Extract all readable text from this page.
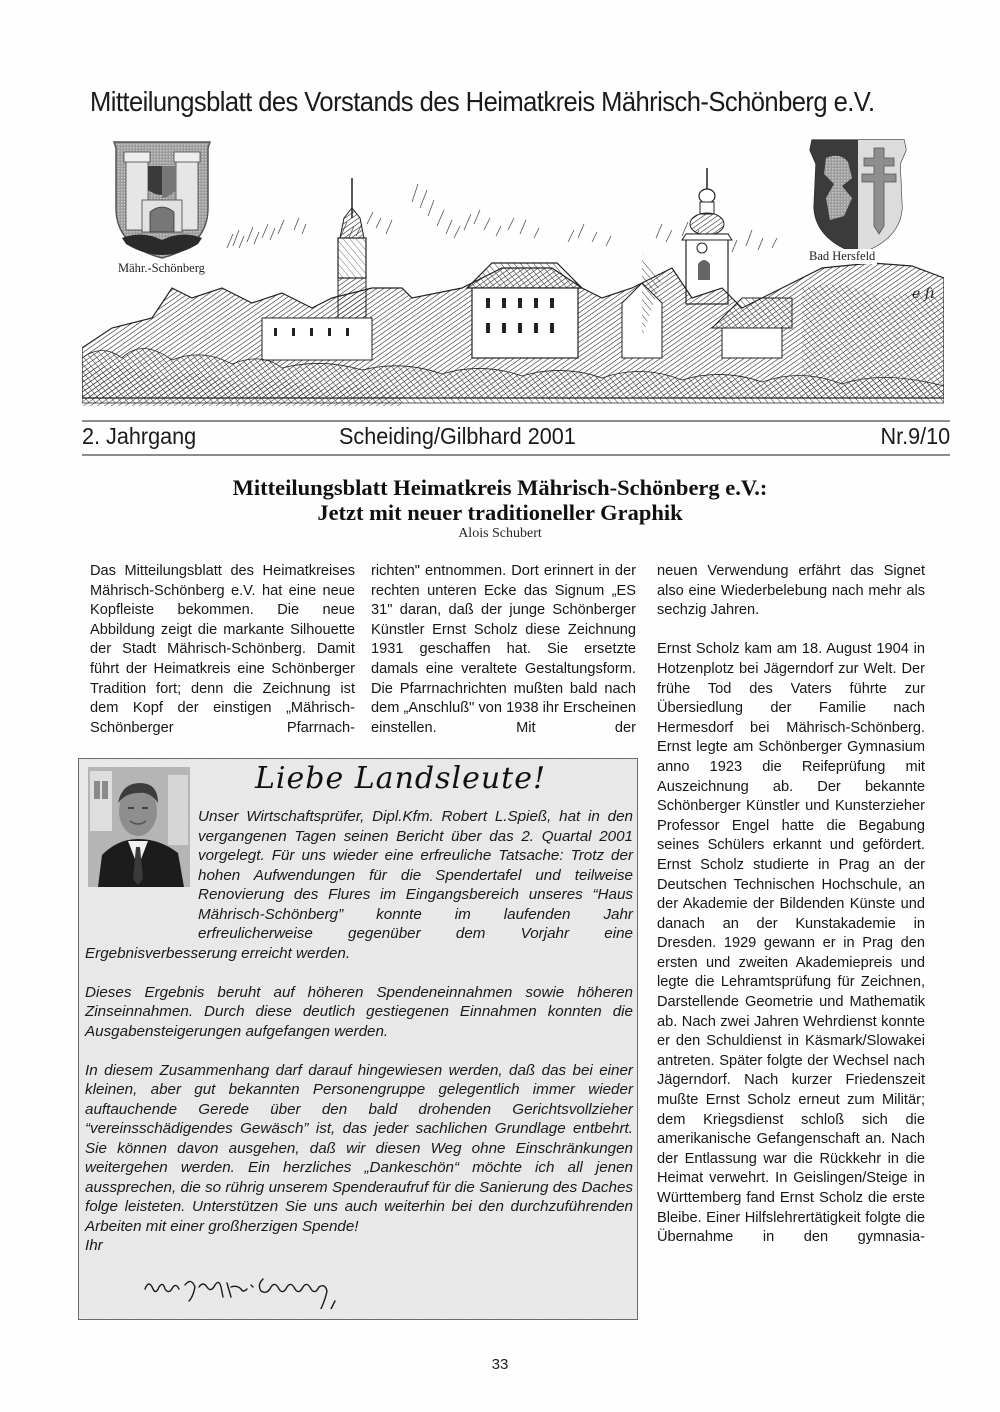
Mitteilungsblatt des Vorstands des Heimatkreis Mährisch-Schönberg e.V.
e ſı
Mähr.-Schönberg
Bad Hersfeld
2. Jahrgang	Scheiding/Gilbhard 2001	Nr.9/10
Mitteilungsblatt Heimatkreis Mährisch-Schönberg e.V.:
Jetzt mit neuer traditioneller Graphik
Alois Schubert

Das Mitteilungsblatt des Heimatkreises Mährisch-Schönberg e.V. hat eine neue Kopfleiste bekommen. Die neue Abbildung zeigt die markante Silhouette der Stadt Mährisch-Schönberg. Damit führt der Heimatkreis eine Schönberger Tradition fort; denn die Zeichnung ist dem Kopf der einstigen „Mährisch-Schönberger Pfarrnach-

richten" entnommen. Dort erinnert in der rechten unteren Ecke das Signum „ES 31" daran, daß der junge Schönberger Künstler Ernst Scholz diese Zeichnung 1931 geschaffen hat. Sie ersetzte damals eine veraltete Gestaltungsform. Die Pfarrnachrichten mußten bald nach dem „Anschluß" von 1938 ihr Erscheinen einstellen. Mit der

neuen Verwendung erfährt das Signet also eine Wiederbelebung nach mehr als sechzig Jahren.

Ernst Scholz kam am 18. August 1904 in Hotzenplotz bei Jägerndorf zur Welt. Der frühe Tod des Vaters führte zur Übersiedlung der Familie nach Hermesdorf bei Mährisch-Schönberg. Ernst legte am Schönberger Gymnasium anno 1923 die Reifeprüfung mit Auszeichnung ab. Der bekannte Schönberger Künstler und Kunsterzieher Professor Engel hatte die Begabung seines Schülers erkannt und gefördert. Ernst Scholz studierte in Prag an der Deutschen Technischen Hochschule, an der Akademie der Bildenden Künste und danach an der Kunstakademie in Dresden. 1929 gewann er in Prag den ersten und zweiten Akademiepreis und legte die Lehramtsprüfung für Zeichnen, Darstellende Geometrie und Mathematik ab. Nach zwei Jahren Wehrdienst konnte er den Schuldienst in Käsmark/Slowakei antreten. Später folgte der Wechsel nach Jägerndorf. Nach kurzer Friedenszeit mußte Ernst Scholz erneut zum Militär; dem Kriegsdienst schloß sich die amerikanische Gefangenschaft an. Nach der Entlassung war die Rückkehr in die Heimat verwehrt. In Geislingen/Steige in Württemberg fand Ernst Scholz die erste Bleibe. Einer Hilfslehrertätigkeit folgte die Übernahme in den gymnasia-

Liebe Landsleute!

Unser Wirtschaftsprüfer, Dipl.Kfm. Robert L.Spieß, hat in den vergangenen Tagen seinen Bericht über das 2. Quartal 2001 vorgelegt. Für uns wieder eine erfreuliche Tatsache: Trotz der hohen Aufwendungen für die Spendertafel und teilweise Renovierung des Flures im Eingangsbereich unseres “Haus Mährisch-Schönberg” konnte im laufenden Jahr erfreulicherweise gegenüber dem Vorjahr eine Ergebnisverbesserung erreicht werden.

Dieses Ergebnis beruht auf höheren Spendeneinnahmen sowie höheren Zinseinnahmen. Durch diese deutlich gestiegenen Einnahmen konnten die Ausgabensteigerungen aufgefangen werden.

In diesem Zusammenhang darf darauf hingewiesen werden, daß das bei einer kleinen, aber gut bekannten Personengruppe gelegentlich immer wieder auftauchende Gerede über den bald drohenden Gerichtsvollzieher “vereinsschädigendes Gewäsch” ist, das jeder sachlichen Grundlage entbehrt. Sie können davon ausgehen, daß wir diesen Weg ohne Einschränkungen weitergehen werden. Ein herzliches „Dankeschön“ möchte ich all jenen aussprechen, die so rührig unserem Spenderaufruf für die Sanierung des Daches folge leisteten. Unterstützen Sie uns auch weiterhin bei den durchzuführenden Arbeiten mit einer großherzigen Spende!

Ihr

33
